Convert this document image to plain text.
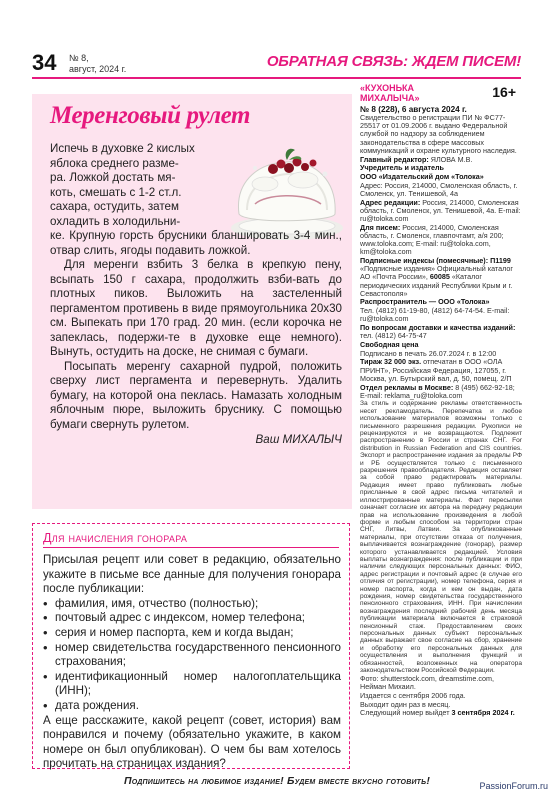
34 № 8,
август, 2024 г.	ОБРАТНАЯ СВЯЗЬ: ЖДЕМ ПИСЕМ!
Меренговый рулет
Испечь в духовке 2 кислых
яблока среднего разме-
ра. Ложкой достать мя-
коть, смешать с 1-2 ст.л.
сахара, остудить, затем
охладить в холодильни-
ке. Крупную горсть брусники бланшировать 3-4 мин., отвар слить, ягоды подавить ложкой.

Для меренги взбить 3 белка в крепкую пену, всыпать 150 г сахара, продолжить взби-вать до плотных пиков. Выложить на застеленный пергаментом противень в виде прямоугольника 20х30 см. Выпекать при 170 град. 20 мин. (если корочка не запеклась, подержи-те в духовке еще немного). Вынуть, остудить на доске, не снимая с бумаги.

Посыпать меренгу сахарной пудрой, положить сверху лист пергамента и перевернуть. Удалить бумагу, на которой она пеклась. Намазать холодным яблочным пюре, выложить бруснику. С помощью бумаги свернуть рулетом.

Ваш МИХАЛЫЧ
Для начисления гонорара

Присылая рецепт или совет в редакцию, обязательно укажите в письме все данные для получения гонорара после публикации:

• фамилия, имя, отчество (полностью);
• почтовый адрес с индексом, номер телефона;
• серия и номер паспорта, кем и когда выдан;
• номер свидетельства государственного пенсионного страхования;
• идентификационный номер налогоплательщика (ИНН);
• дата рождения.

А еще расскажите, какой рецепт (совет, история) вам понравился и почему (обязательно укажите, в каком номере он был опубликован). О чем бы вам хотелось прочитать на страницах издания?

«КУХОНЬКА
МИХАЛЫЧА»	16+
№ 8 (228), 6 августа 2024 г.
Свидетельство о регистрации ПИ № ФС77-25517 от 01.09.2006 г. выдано Федеральной службой по надзору за соблюдением законодательства в сфере массовых коммуникаций и охране культурного наследия.
Главный редактор: ЯЛОВА М.В.
Учредитель и издатель
ООО «Издательский дом «Толока»
Адрес: Россия, 214000, Смоленская область, г. Смоленск, ул. Тенишевой, 4а
Адрес редакции: Россия, 214000, Смоленская область, г. Смоленск, ул. Тенишевой, 4а. E-mail: ru@toloka.com
Для писем: Россия, 214000, Смоленская область, г. Смоленск, главпочтамт, а/я 200; www.toloka.com; E-mail: ru@toloka.com, km@toloka.com
Подписные индексы (помесячные): П1199 «Подписные издания» Официальный каталог АО «Почта России», 60085 «Каталог периодических изданий Республики Крым и г. Севастополя»
Распространитель — ООО «Толока»
Тел. (4812) 61-19-80, (4812) 64-74-54. E-mail: ru@toloka.com
По вопросам доставки и качества изданий: тел. (4812) 64-75-47
Свободная цена
Подписано в печать 26.07.2024 г. в 12:00
Тираж 32 000 экз. отпечатан в ООО «ОЛА ПРИНТ», Российская Федерация, 127055, г. Москва, ул. Бутырский вал, д. 50, помещ. 2/П
Отдел рекламы в Москве: 8 (495) 662-92-18; E-mail: reklama_ru@toloka.com
За стиль и содержание рекламы ответственность несет рекламодатель. Перепечатка и любое использование материалов возможны только с письменного разрешения редакции. Рукописи не рецензируются и не возвращаются. Подлежит распространению в России и странах СНГ. For distribution in Russian Federation and CIS countries. Экспорт и распространение издания за пределы РФ и РБ осуществляется только с письменного разрешения правообладателя. Редакция оставляет за собой право редактировать материалы. Редакция имеет право публиковать любые присланные в свой адрес письма читателей и иллюстрированные материалы. Факт пересылки означает согласие их автора на передачу редакции прав на использование произведения в любой форме и любым способом на территории стран СНГ, Литвы, Латвии. За опубликованные материалы, при отсутствии отказа от получения, выплачивается вознаграждение (гонорар), размер которого устанавливается редакцией. Условия выплаты вознаграждения: после публикации и при наличии следующих персональных данных: ФИО, адрес регистрации и почтовый адрес (в случае его отличия от регистрации), номер телефона, серия и номер паспорта, когда и кем он выдан, дата рождения, номер свидетельства государственного пенсионного страхования, ИНН. При начислении вознаграждения последний рабочий день месяца публикации материала включается в страховой пенсионный стаж. Предоставлением своих персональных данных субъект персональных данных выражает свое согласие на сбор, хранение и обработку его персональных данных для осуществления и выполнения функций и обязанностей, возложенных на оператора законодательством Российской Федерации.
Фото: shutterstock.com, dreamstime.com, Нейман Михаил.
Издается с сентября 2006 года.
Выходит один раз в месяц.
Следующий номер выйдет 3 сентября 2024 г.
Подпишитесь на любимое издание! Будем вместе вкусно готовить!	PassionForum.ru
